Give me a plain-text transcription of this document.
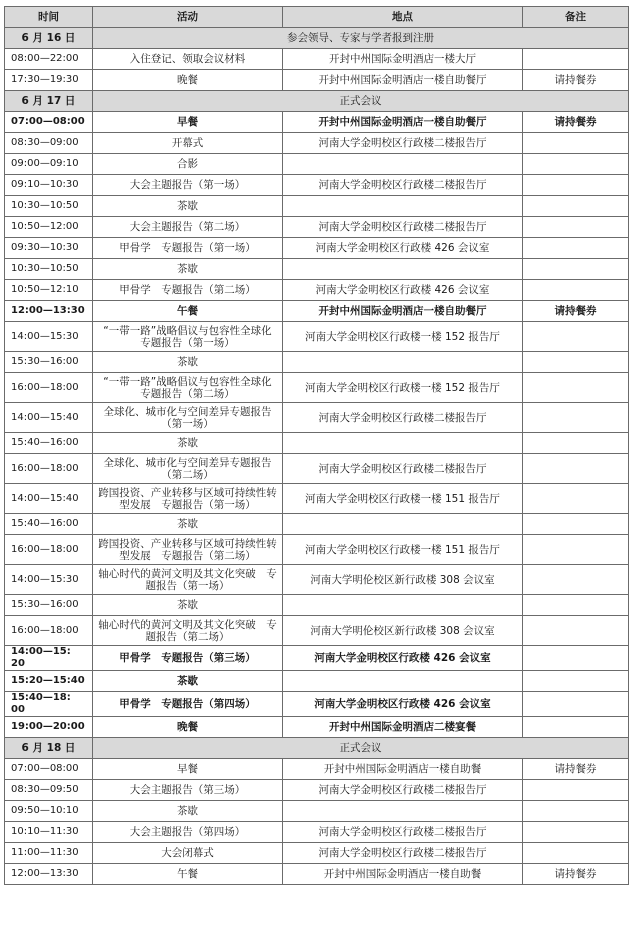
时间	活动	地点	备注
6 月 16 日	参会领导、专家与学者报到注册		
08:00—22:00	入住登记、领取会议材料	开封中州国际金明酒店一楼大厅	
17:30—19:30	晚餐	开封中州国际金明酒店一楼自助餐厅	请持餐券
6 月 17 日	正式会议		
07:00—08:00	早餐	开封中州国际金明酒店一楼自助餐厅	请持餐券
08:30—09:00	开幕式	河南大学金明校区行政楼二楼报告厅	
09:00—09:10	合影		
09:10—10:30	大会主题报告（第一场）	河南大学金明校区行政楼二楼报告厅	
10:30—10:50	茶歇		
10:50—12:00	大会主题报告（第二场）	河南大学金明校区行政楼二楼报告厅	
09:30—10:30	甲骨学　专题报告（第一场）	河南大学金明校区行政楼 426 会议室	
10:30—10:50	茶歇		
10:50—12:10	甲骨学　专题报告（第二场）	河南大学金明校区行政楼 426 会议室	
12:00—13:30	午餐	开封中州国际金明酒店一楼自助餐厅	请持餐券
14:00—15:30	“一带一路”战略倡议与包容性全球化　专题报告（第一场）	河南大学金明校区行政楼一楼 152 报告厅	
15:30—16:00	茶歇		
16:00—18:00	“一带一路”战略倡议与包容性全球化　专题报告（第二场）	河南大学金明校区行政楼一楼 152 报告厅	
14:00—15:40	全球化、城市化与空间差异专题报告（第一场）	河南大学金明校区行政楼二楼报告厅	
15:40—16:00	茶歇		
16:00—18:00	全球化、城市化与空间差异专题报告（第二场）	河南大学金明校区行政楼二楼报告厅	
14:00—15:40	跨国投资、产业转移与区域可持续性转型发展　专题报告（第一场）	河南大学金明校区行政楼一楼 151 报告厅	
15:40—16:00	茶歇		
16:00—18:00	跨国投资、产业转移与区域可持续性转型发展　专题报告（第二场）	河南大学金明校区行政楼一楼 151 报告厅	
14:00—15:30	轴心时代的黄河文明及其文化突破　专题报告（第一场）	河南大学明伦校区新行政楼 308 会议室	
15:30—16:00	茶歇		
16:00—18:00	轴心时代的黄河文明及其文化突破　专题报告（第二场）	河南大学明伦校区新行政楼 308 会议室	
14:00—15: 20	甲骨学　专题报告（第三场）	河南大学金明校区行政楼 426 会议室	
15:20—15:40	茶歇		
15:40—18: 00	甲骨学　专题报告（第四场）	河南大学金明校区行政楼 426 会议室	
19:00—20:00	晚餐	开封中州国际金明酒店二楼宴餐	
6 月 18 日	正式会议		
07:00—08:00	早餐	开封中州国际金明酒店一楼自助餐	请持餐券
08:30—09:50	大会主题报告（第三场）	河南大学金明校区行政楼二楼报告厅	
09:50—10:10	茶歇		
10:10—11:30	大会主题报告（第四场）	河南大学金明校区行政楼二楼报告厅	
11:00—11:30	大会闭幕式	河南大学金明校区行政楼二楼报告厅	
12:00—13:30	午餐	开封中州国际金明酒店一楼自助餐	请持餐券
